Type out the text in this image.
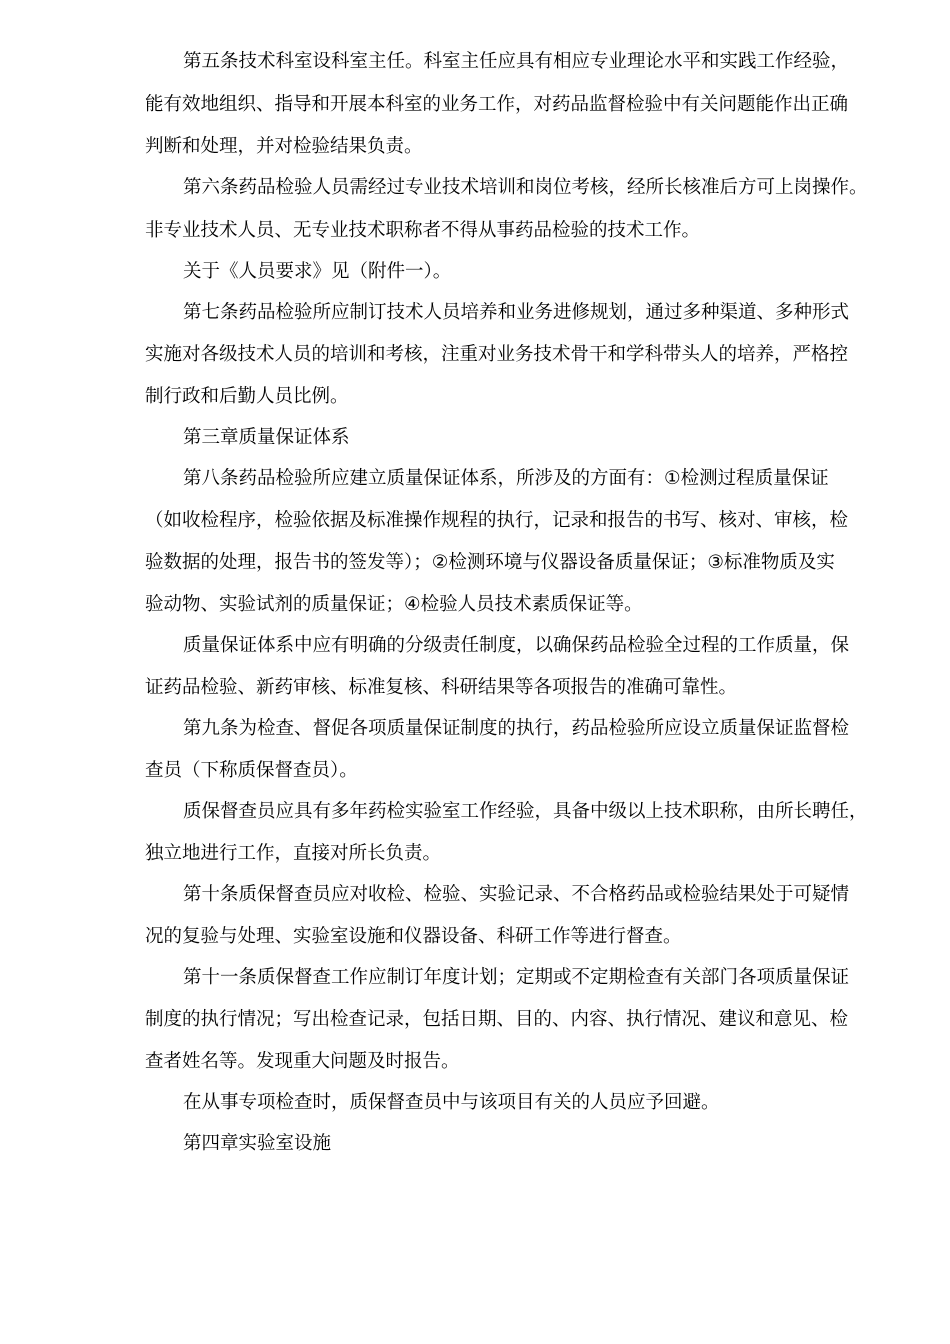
第五条技术科室设科室主任。科室主任应具有相应专业理论水平和实践工作经验，
能有效地组织、指导和开展本科室的业务工作，对药品监督检验中有关问题能作出正确
判断和处理，并对检验结果负责。
第六条药品检验人员需经过专业技术培训和岗位考核，经所长核准后方可上岗操作。
非专业技术人员、无专业技术职称者不得从事药品检验的技术工作。
关于《人员要求》见（附件一）。
第七条药品检验所应制订技术人员培养和业务进修规划，通过多种渠道、多种形式
实施对各级技术人员的培训和考核，注重对业务技术骨干和学科带头人的培养，严格控
制行政和后勤人员比例。
第三章质量保证体系
第八条药品检验所应建立质量保证体系，所涉及的方面有：①检测过程质量保证
（如收检程序，检验依据及标准操作规程的执行，记录和报告的书写、核对、审核，检
验数据的处理，报告书的签发等）；②检测环境与仪器设备质量保证；③标准物质及实
验动物、实验试剂的质量保证；④检验人员技术素质保证等。
质量保证体系中应有明确的分级责任制度，以确保药品检验全过程的工作质量，保
证药品检验、新药审核、标准复核、科研结果等各项报告的准确可靠性。
第九条为检查、督促各项质量保证制度的执行，药品检验所应设立质量保证监督检
查员（下称质保督查员）。
质保督查员应具有多年药检实验室工作经验，具备中级以上技术职称，由所长聘任，
独立地进行工作，直接对所长负责。
第十条质保督查员应对收检、检验、实验记录、不合格药品或检验结果处于可疑情
况的复验与处理、实验室设施和仪器设备、科研工作等进行督查。
第十一条质保督查工作应制订年度计划；定期或不定期检查有关部门各项质量保证
制度的执行情况；写出检查记录，包括日期、目的、内容、执行情况、建议和意见、检
查者姓名等。发现重大问题及时报告。
在从事专项检查时，质保督查员中与该项目有关的人员应予回避。
第四章实验室设施
